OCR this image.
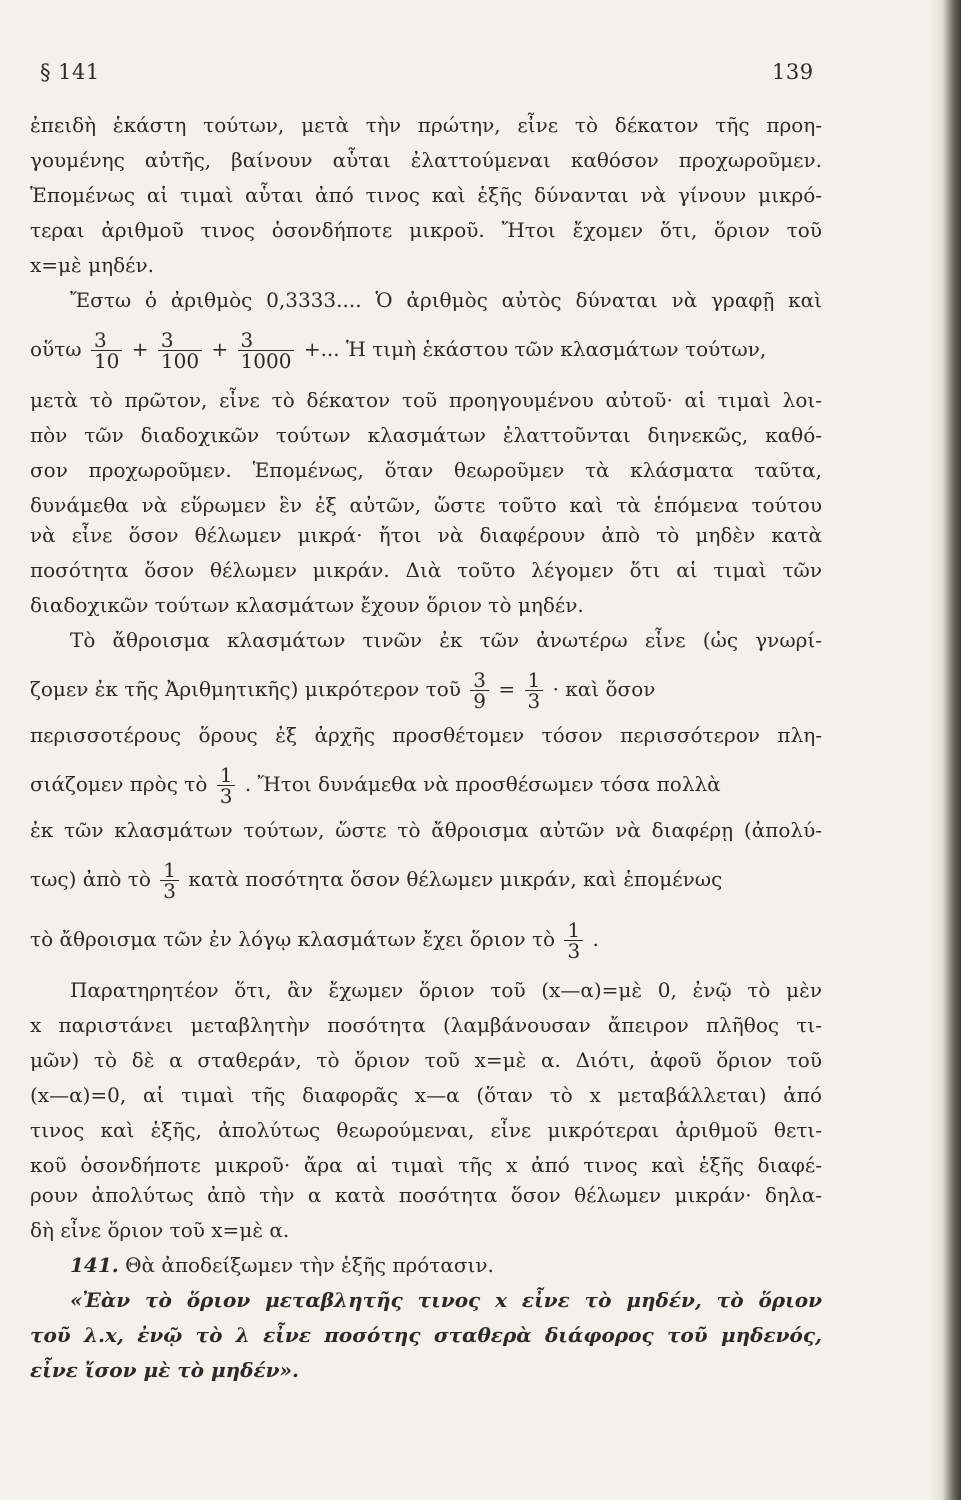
§ 141	139
ἐπειδὴ ἑκάστη τούτων, μετὰ τὴν πρώτην, εἶνε τὸ δέκατον τῆς προη-
γουμένης αὐτῆς, βαίνουν αὗται ἐλαττούμεναι καθόσον προχωροῦμεν.
Ἑπομένως αἱ τιμαὶ αὗται ἀπό τινος καὶ ἑξῆς δύνανται νὰ γίνουν μικρό-
τεραι ἀριθμοῦ τινος ὁσονδήποτε μικροῦ. Ἤτοι ἔχομεν ὅτι, ὅριον τοῦ
x=μὲ μηδέν.
Ἔστω ὁ ἀριθμὸς 0,3333.... Ὁ ἀριθμὸς αὐτὸς δύναται νὰ γραφῇ καὶ
οὕτω $\frac{3}{10} + \frac{3}{100} + \frac{3}{1000}$ +... Ἡ τιμὴ ἑκάστου τῶν κλασμάτων τούτων,
μετὰ τὸ πρῶτον, εἶνε τὸ δέκατον τοῦ προηγουμένου αὐτοῦ· αἱ τιμαὶ λοι-
πὸν τῶν διαδοχικῶν τούτων κλασμάτων ἐλαττοῦνται διηνεκῶς, καθό-
σον προχωροῦμεν. Ἑπομένως, ὅταν θεωροῦμεν τὰ κλάσματα ταῦτα,
δυνάμεθα νὰ εὕρωμεν ἓν ἐξ αὐτῶν, ὥστε τοῦτο καὶ τὰ ἑπόμενα τούτου
νὰ εἶνε ὅσον θέλωμεν μικρά· ἤτοι νὰ διαφέρουν ἀπὸ τὸ μηδὲν κατὰ
ποσότητα ὅσον θέλωμεν μικράν. Διὰ τοῦτο λέγομεν ὅτι αἱ τιμαὶ τῶν
διαδοχικῶν τούτων κλασμάτων ἔχουν ὅριον τὸ μηδέν.
Τὸ ἄθροισμα κλασμάτων τινῶν ἐκ τῶν ἀνωτέρω εἶνε (ὡς γνωρί-
ζομεν ἐκ τῆς Ἀριθμητικῆς) μικρότερον τοῦ $\frac{3}{9} = \frac{1}{3}$ · καὶ ὅσον
περισσοτέρους ὅρους ἐξ ἀρχῆς προσθέτομεν τόσον περισσότερον πλη-
σιάζομεν πρὸς τὸ $\frac{1}{3}$ . Ἤτοι δυνάμεθα νὰ προσθέσωμεν τόσα πολλὰ
ἐκ τῶν κλασμάτων τούτων, ὥστε τὸ ἄθροισμα αὐτῶν νὰ διαφέρῃ (ἀπολύ-
τως) ἀπὸ τὸ $\frac{1}{3}$ κατὰ ποσότητα ὅσον θέλωμεν μικράν, καὶ ἑπομένως
τὸ ἄθροισμα τῶν ἐν λόγῳ κλασμάτων ἔχει ὅριον τὸ $\frac{1}{3}$ .
Παρατηρητέον ὅτι, ἂν ἔχωμεν ὅριον τοῦ (x—α)=μὲ 0, ἐνῷ τὸ μὲν
x παριστάνει μεταβλητὴν ποσότητα (λαμβάνουσαν ἄπειρον πλῆθος τι-
μῶν) τὸ δὲ α σταθεράν, τὸ ὅριον τοῦ x=μὲ α. Διότι, ἀφοῦ ὅριον τοῦ
(x—α)=0, αἱ τιμαὶ τῆς διαφορᾶς x—α (ὅταν τὸ x μεταβάλλεται) ἀπό
τινος καὶ ἑξῆς, ἀπολύτως θεωρούμεναι, εἶνε μικρότεραι ἀριθμοῦ θετι-
κοῦ ὁσονδήποτε μικροῦ· ἄρα αἱ τιμαὶ τῆς x ἀπό τινος καὶ ἑξῆς διαφέ-
ρουν ἀπολύτως ἀπὸ τὴν α κατὰ ποσότητα ὅσον θέλωμεν μικράν· δηλα-
δὴ εἶνε ὅριον τοῦ x=μὲ α.
141. Θὰ ἀποδείξωμεν τὴν ἑξῆς πρότασιν.
«Ἐὰν τὸ ὅριον μεταβλητῆς τινος x εἶνε τὸ μηδέν, τὸ ὅριον
τοῦ λ.x, ἐνῷ τὸ λ εἶνε ποσότης σταθερὰ διάφορος τοῦ μηδενός,
εἶνε ἴσον μὲ τὸ μηδέν».
